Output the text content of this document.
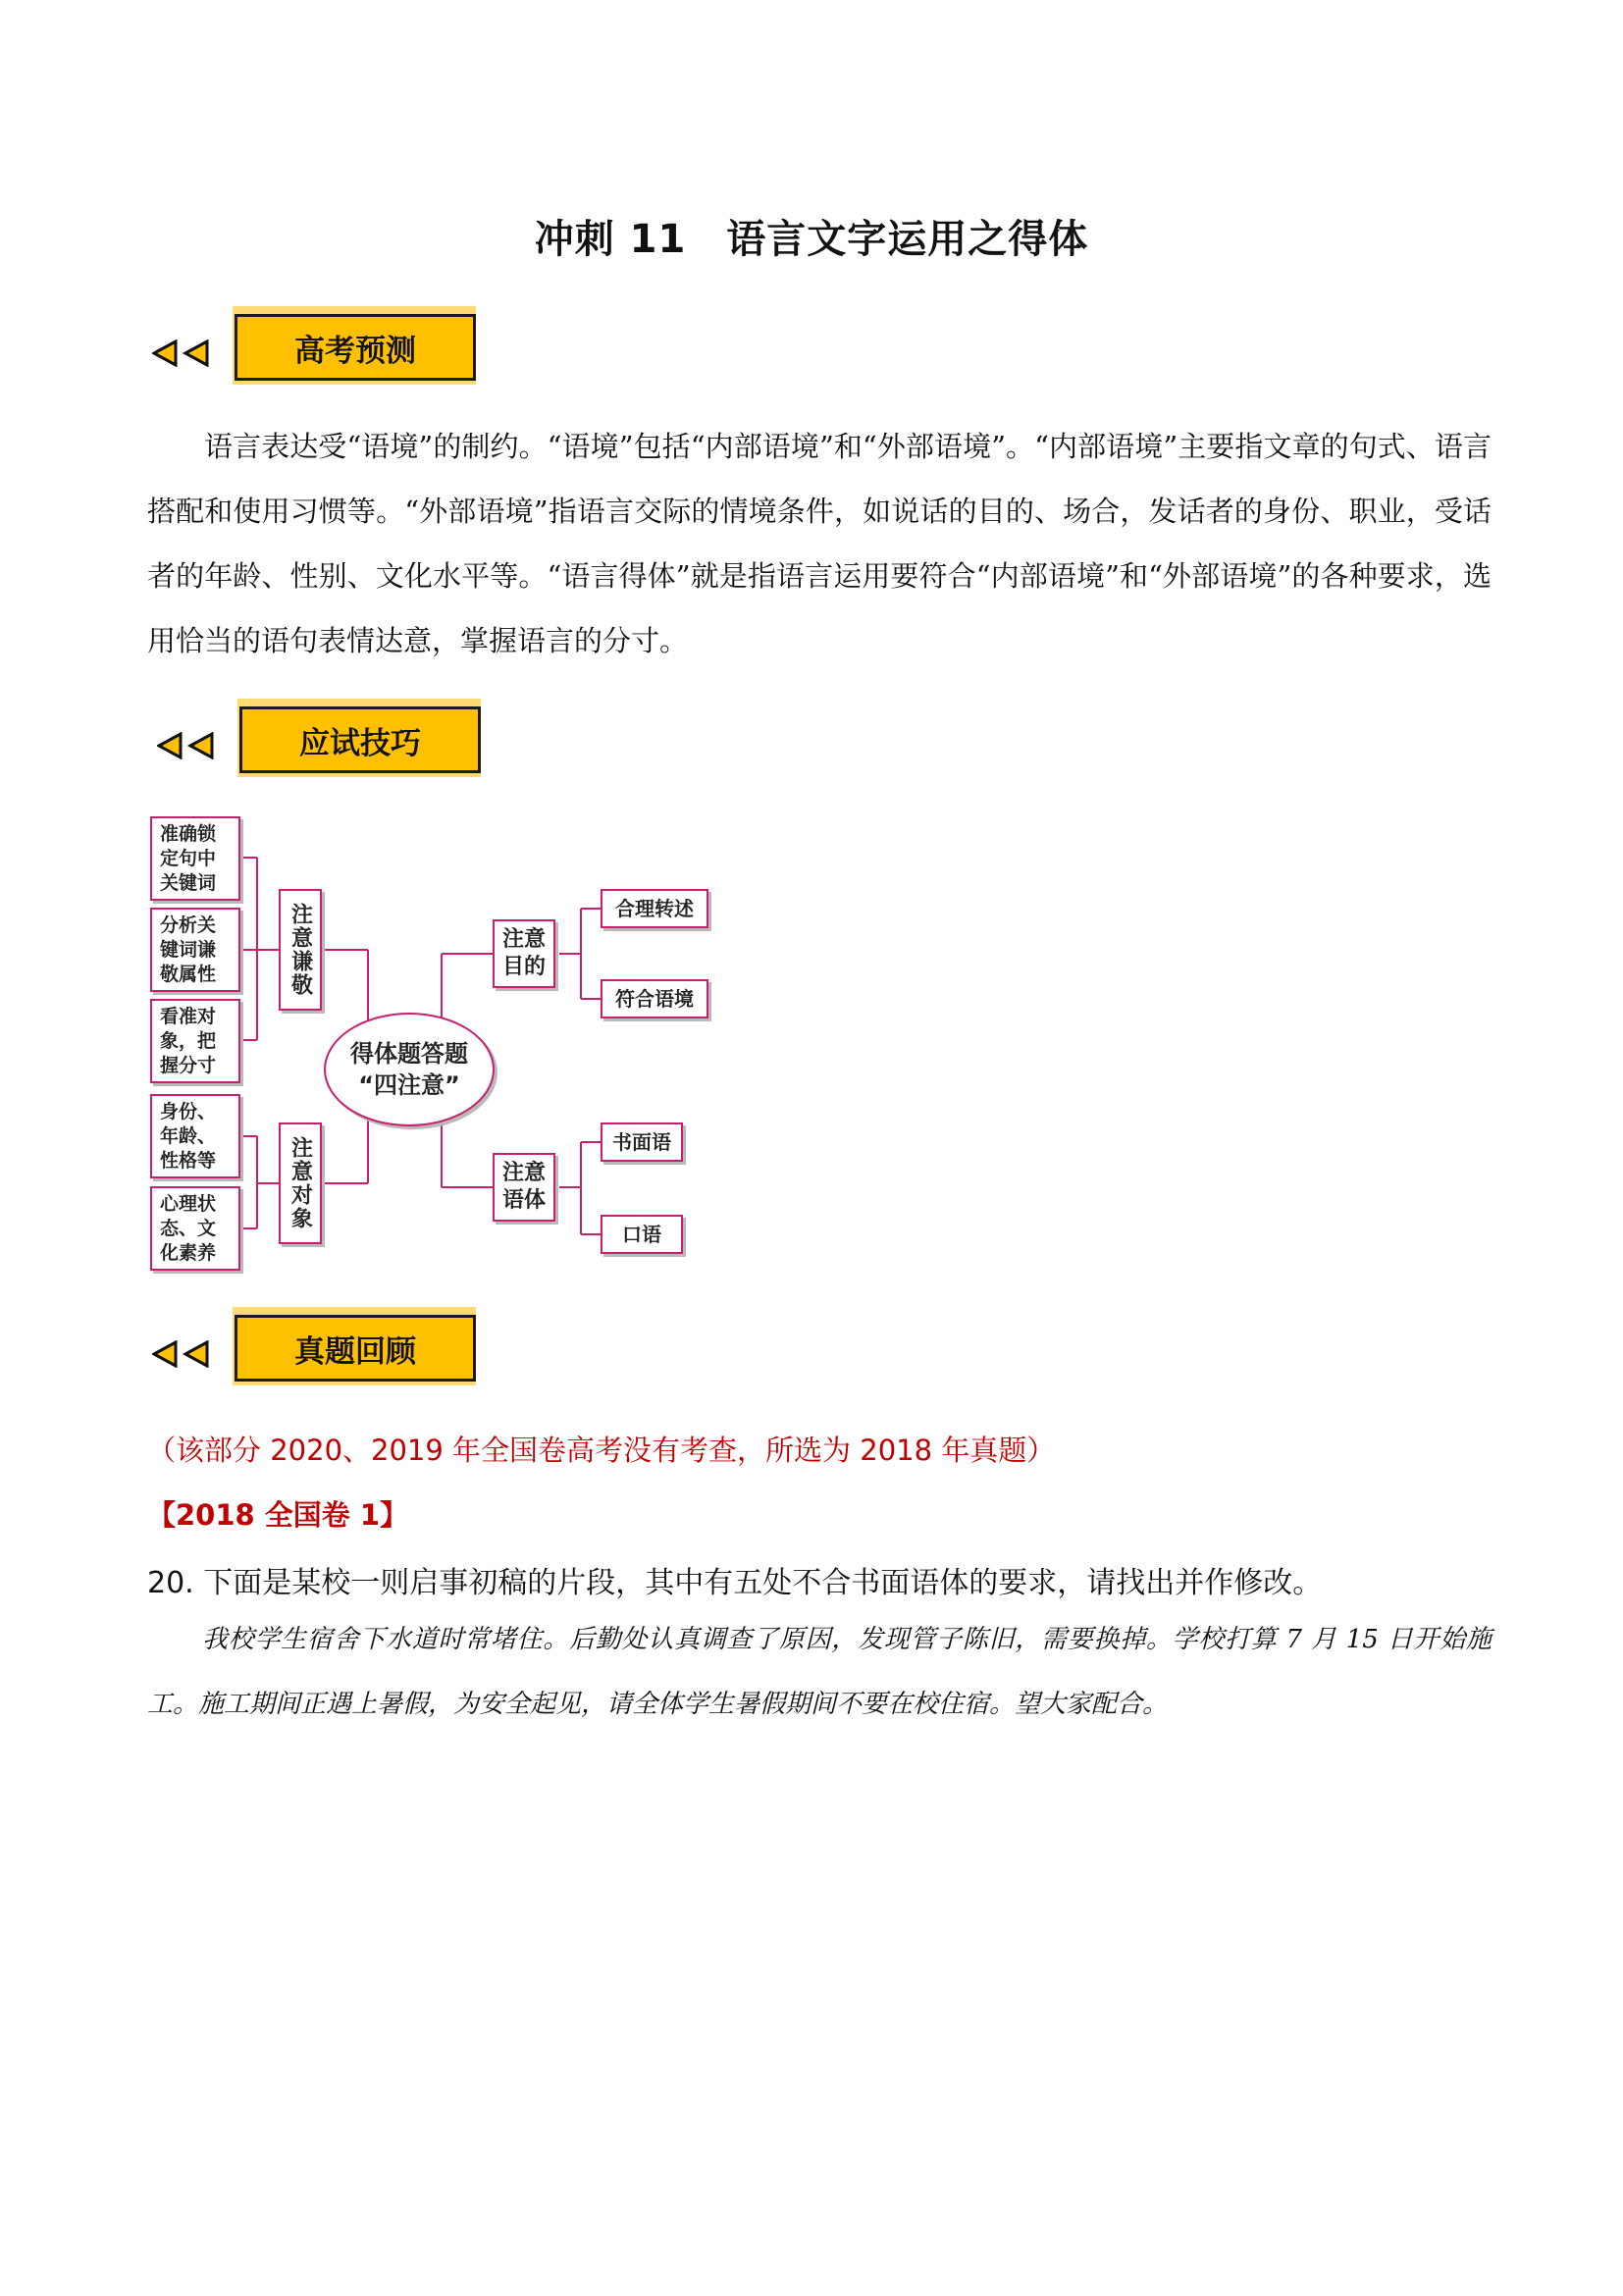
冲刺 11　语言文字运用之得体
高考预测
语言表达受“语境”的制约。“语境”包括“内部语境”和“外部语境”。“内部语境”主要指文章的句式、语言搭配和使用习惯等。“外部语境”指语言交际的情境条件，如说话的目的、场合，发话者的身份、职业，受话者的年龄、性别、文化水平等。“语言得体”就是指语言运用要符合“内部语境”和“外部语境”的各种要求，选用恰当的语句表情达意，掌握语言的分寸。
应试技巧
准确锁定句中关键词
分析关键词谦敬属性
看准对象，把握分寸
身份、年龄、性格等
心理状态、文化素养
注意谦敬
注意对象
得体题答题
“四注意”
注意目的
注意语体
合理转述
符合语境
书面语
口语
真题回顾
（该部分 2020、2019 年全国卷高考没有考查，所选为 2018 年真题）
【2018 全国卷 1】
20. 下面是某校一则启事初稿的片段，其中有五处不合书面语体的要求，请找出并作修改。
我校学生宿舍下水道时常堵住。后勤处认真调查了原因，发现管子陈旧，需要换掉。学校打算 7 月 15 日开始施工。施工期间正遇上暑假，为安全起见，请全体学生暑假期间不要在校住宿。望大家配合。
